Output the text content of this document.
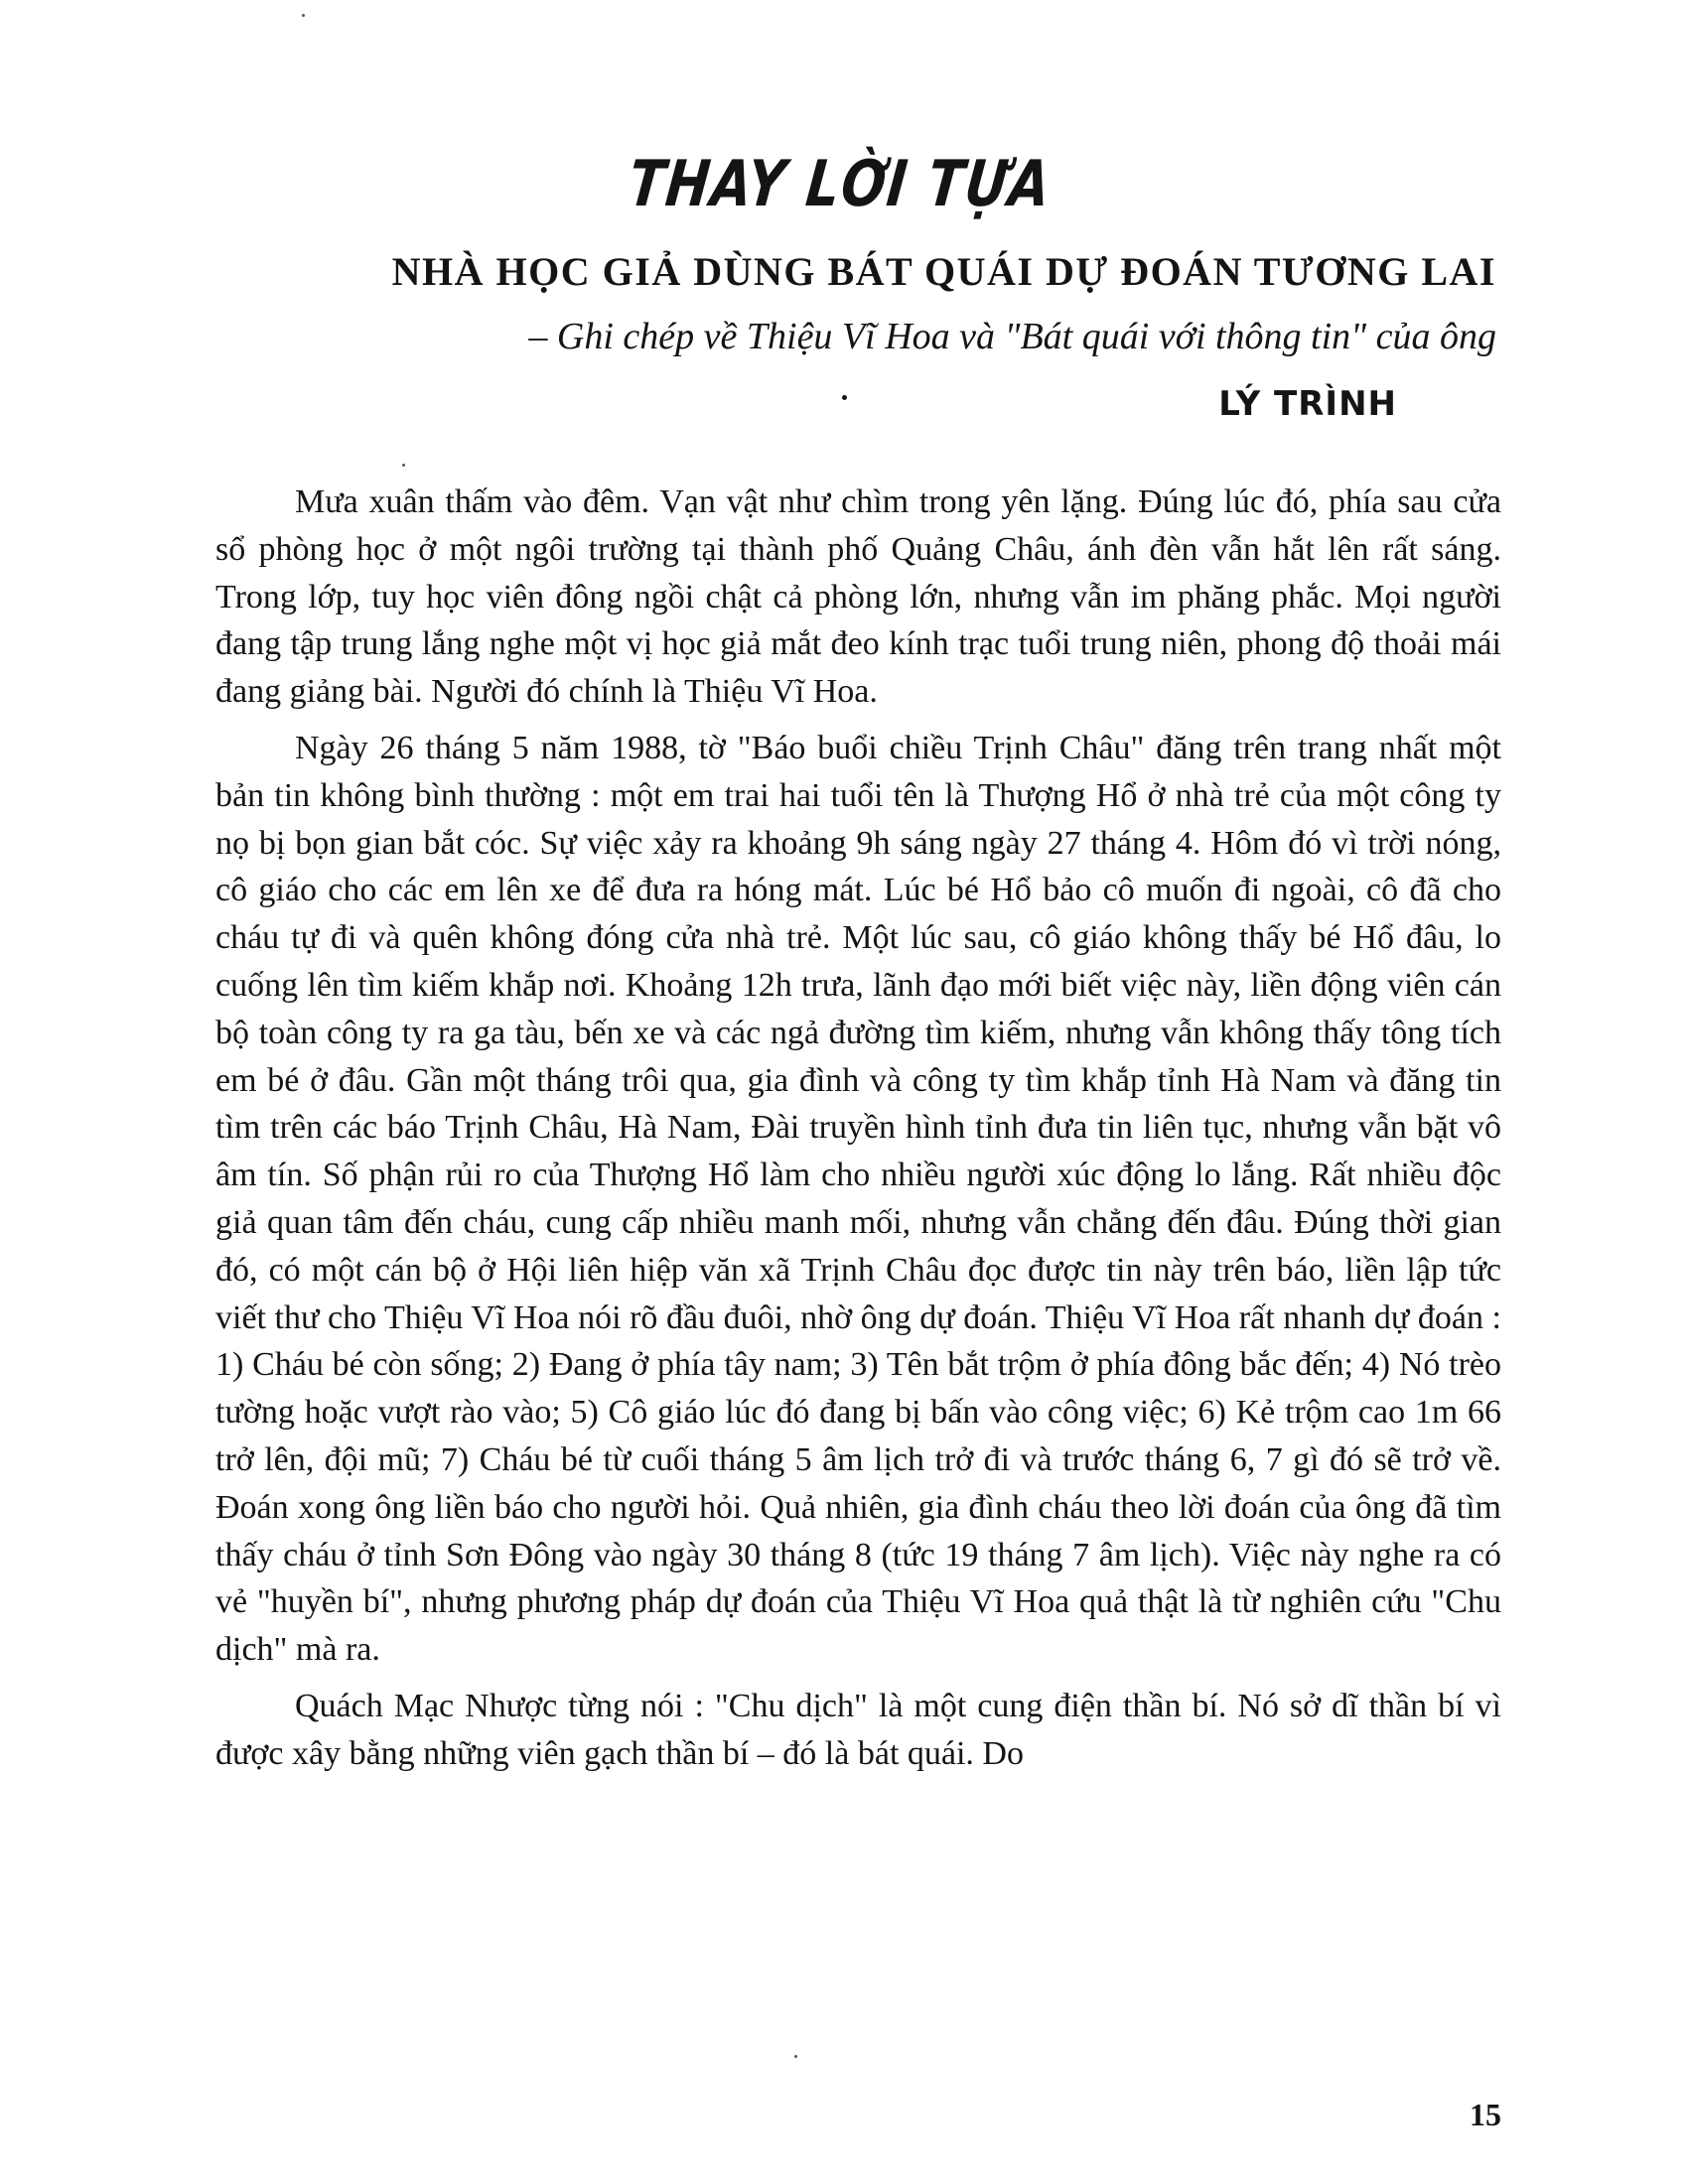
THAY LỜI TỰA
NHÀ HỌC GIẢ DÙNG BÁT QUÁI DỰ ĐOÁN TƯƠNG LAI
– Ghi chép về Thiệu Vĩ Hoa và "Bát quái với thông tin" của ông
LÝ TRÌNH

Mưa xuân thấm vào đêm. Vạn vật như chìm trong yên lặng. Đúng lúc đó, phía sau cửa sổ phòng học ở một ngôi trường tại thành phố Quảng Châu, ánh đèn vẫn hắt lên rất sáng. Trong lớp, tuy học viên đông ngồi chật cả phòng lớn, nhưng vẫn im phăng phắc. Mọi người đang tập trung lắng nghe một vị học giả mắt đeo kính trạc tuổi trung niên, phong độ thoải mái đang giảng bài. Người đó chính là Thiệu Vĩ Hoa.

Ngày 26 tháng 5 năm 1988, tờ "Báo buổi chiều Trịnh Châu" đăng trên trang nhất một bản tin không bình thường : một em trai hai tuổi tên là Thượng Hổ ở nhà trẻ của một công ty nọ bị bọn gian bắt cóc. Sự việc xảy ra khoảng 9h sáng ngày 27 tháng 4. Hôm đó vì trời nóng, cô giáo cho các em lên xe để đưa ra hóng mát. Lúc bé Hổ bảo cô muốn đi ngoài, cô đã cho cháu tự đi và quên không đóng cửa nhà trẻ. Một lúc sau, cô giáo không thấy bé Hổ đâu, lo cuống lên tìm kiếm khắp nơi. Khoảng 12h trưa, lãnh đạo mới biết việc này, liền động viên cán bộ toàn công ty ra ga tàu, bến xe và các ngả đường tìm kiếm, nhưng vẫn không thấy tông tích em bé ở đâu. Gần một tháng trôi qua, gia đình và công ty tìm khắp tỉnh Hà Nam và đăng tin tìm trên các báo Trịnh Châu, Hà Nam, Đài truyền hình tỉnh đưa tin liên tục, nhưng vẫn bặt vô âm tín. Số phận rủi ro của Thượng Hổ làm cho nhiều người xúc động lo lắng. Rất nhiều độc giả quan tâm đến cháu, cung cấp nhiều manh mối, nhưng vẫn chẳng đến đâu. Đúng thời gian đó, có một cán bộ ở Hội liên hiệp văn xã Trịnh Châu đọc được tin này trên báo, liền lập tức viết thư cho Thiệu Vĩ Hoa nói rõ đầu đuôi, nhờ ông dự đoán. Thiệu Vĩ Hoa rất nhanh dự đoán : 1) Cháu bé còn sống; 2) Đang ở phía tây nam; 3) Tên bắt trộm ở phía đông bắc đến; 4) Nó trèo tường hoặc vượt rào vào; 5) Cô giáo lúc đó đang bị bấn vào công việc; 6) Kẻ trộm cao 1m 66 trở lên, đội mũ; 7) Cháu bé từ cuối tháng 5 âm lịch trở đi và trước tháng 6, 7 gì đó sẽ trở về. Đoán xong ông liền báo cho người hỏi. Quả nhiên, gia đình cháu theo lời đoán của ông đã tìm thấy cháu ở tỉnh Sơn Đông vào ngày 30 tháng 8 (tức 19 tháng 7 âm lịch). Việc này nghe ra có vẻ "huyền bí", nhưng phương pháp dự đoán của Thiệu Vĩ Hoa quả thật là từ nghiên cứu "Chu dịch" mà ra.

Quách Mạc Nhược từng nói : "Chu dịch" là một cung điện thần bí. Nó sở dĩ thần bí vì được xây bằng những viên gạch thần bí – đó là bát quái. Do

15
